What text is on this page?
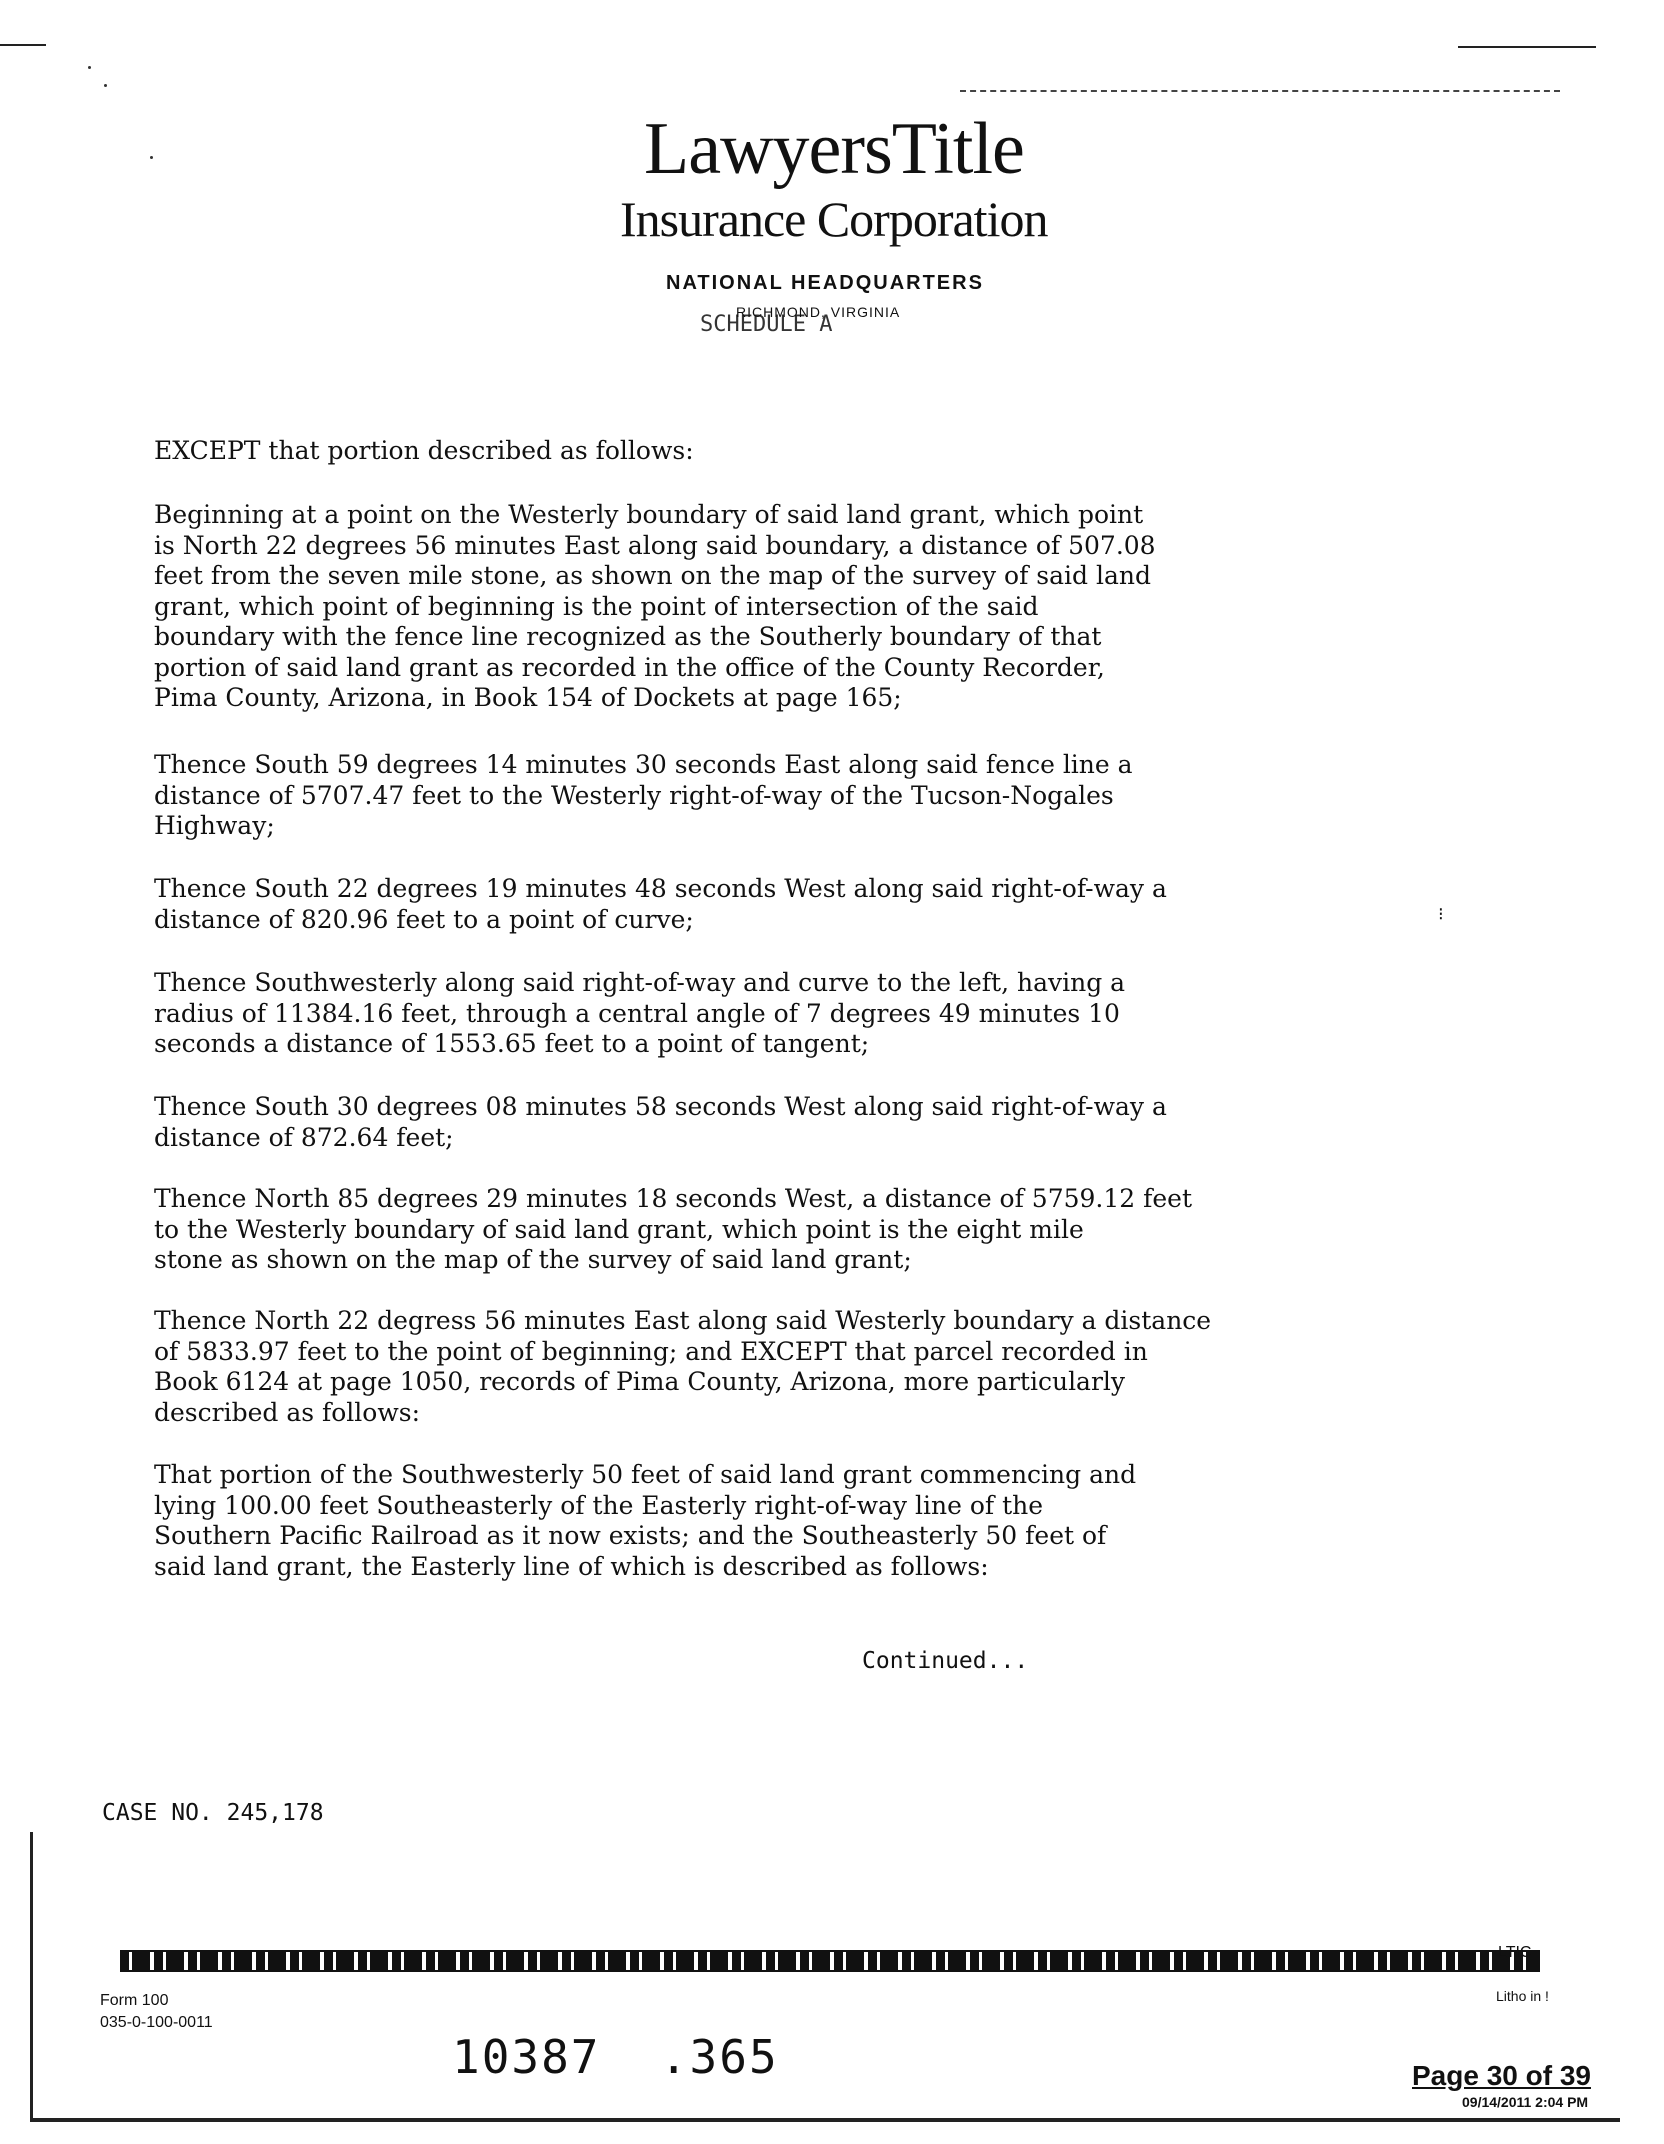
LawyersTitle
Insurance Corporation
NATIONAL HEADQUARTERS
SCHEDULE A
RICHMOND, VIRGINIA
EXCEPT that portion described as follows:
Beginning at a point on the Westerly boundary of said land grant, which point
is North 22 degrees 56 minutes East along said boundary, a distance of 507.08
feet from the seven mile stone, as shown on the map of the survey of said land
grant, which point of beginning is the point of intersection of the said
boundary with the fence line recognized as the Southerly boundary of that
portion of said land grant as recorded in the office of the County Recorder,
Pima County, Arizona, in Book 154 of Dockets at page 165;
Thence South 59 degrees 14 minutes 30 seconds East along said fence line a
distance of 5707.47 feet to the Westerly right-of-way of the Tucson-Nogales
Highway;
Thence South 22 degrees 19 minutes 48 seconds West along said right-of-way a
distance of 820.96 feet to a point of curve;
Thence Southwesterly along said right-of-way and curve to the left, having a
radius of 11384.16 feet, through a central angle of 7 degrees 49 minutes 10
seconds a distance of 1553.65 feet to a point of tangent;
Thence South 30 degrees 08 minutes 58 seconds West along said right-of-way a
distance of 872.64 feet;
Thence North 85 degrees 29 minutes 18 seconds West, a distance of 5759.12 feet
to the Westerly boundary of said land grant, which point is the eight mile
stone as shown on the map of the survey of said land grant;
Thence North 22 degress 56 minutes East along said Westerly boundary a distance
of 5833.97 feet to the point of beginning; and EXCEPT that parcel recorded in
Book 6124 at page 1050, records of Pima County, Arizona, more particularly
described as follows:
That portion of the Southwesterly 50 feet of said land grant commencing and
lying 100.00 feet Southeasterly of the Easterly right-of-way line of the
Southern Pacific Railroad as it now exists; and the Southeasterly 50 feet of
said land grant, the Easterly line of which is described as follows:
⁝
Continued...
CASE NO. 245,178
LTIC
Form 100
035-0-100-0011
Litho in !
10387  .365	Page 30 of 39
09/14/2011 2:04 PM
